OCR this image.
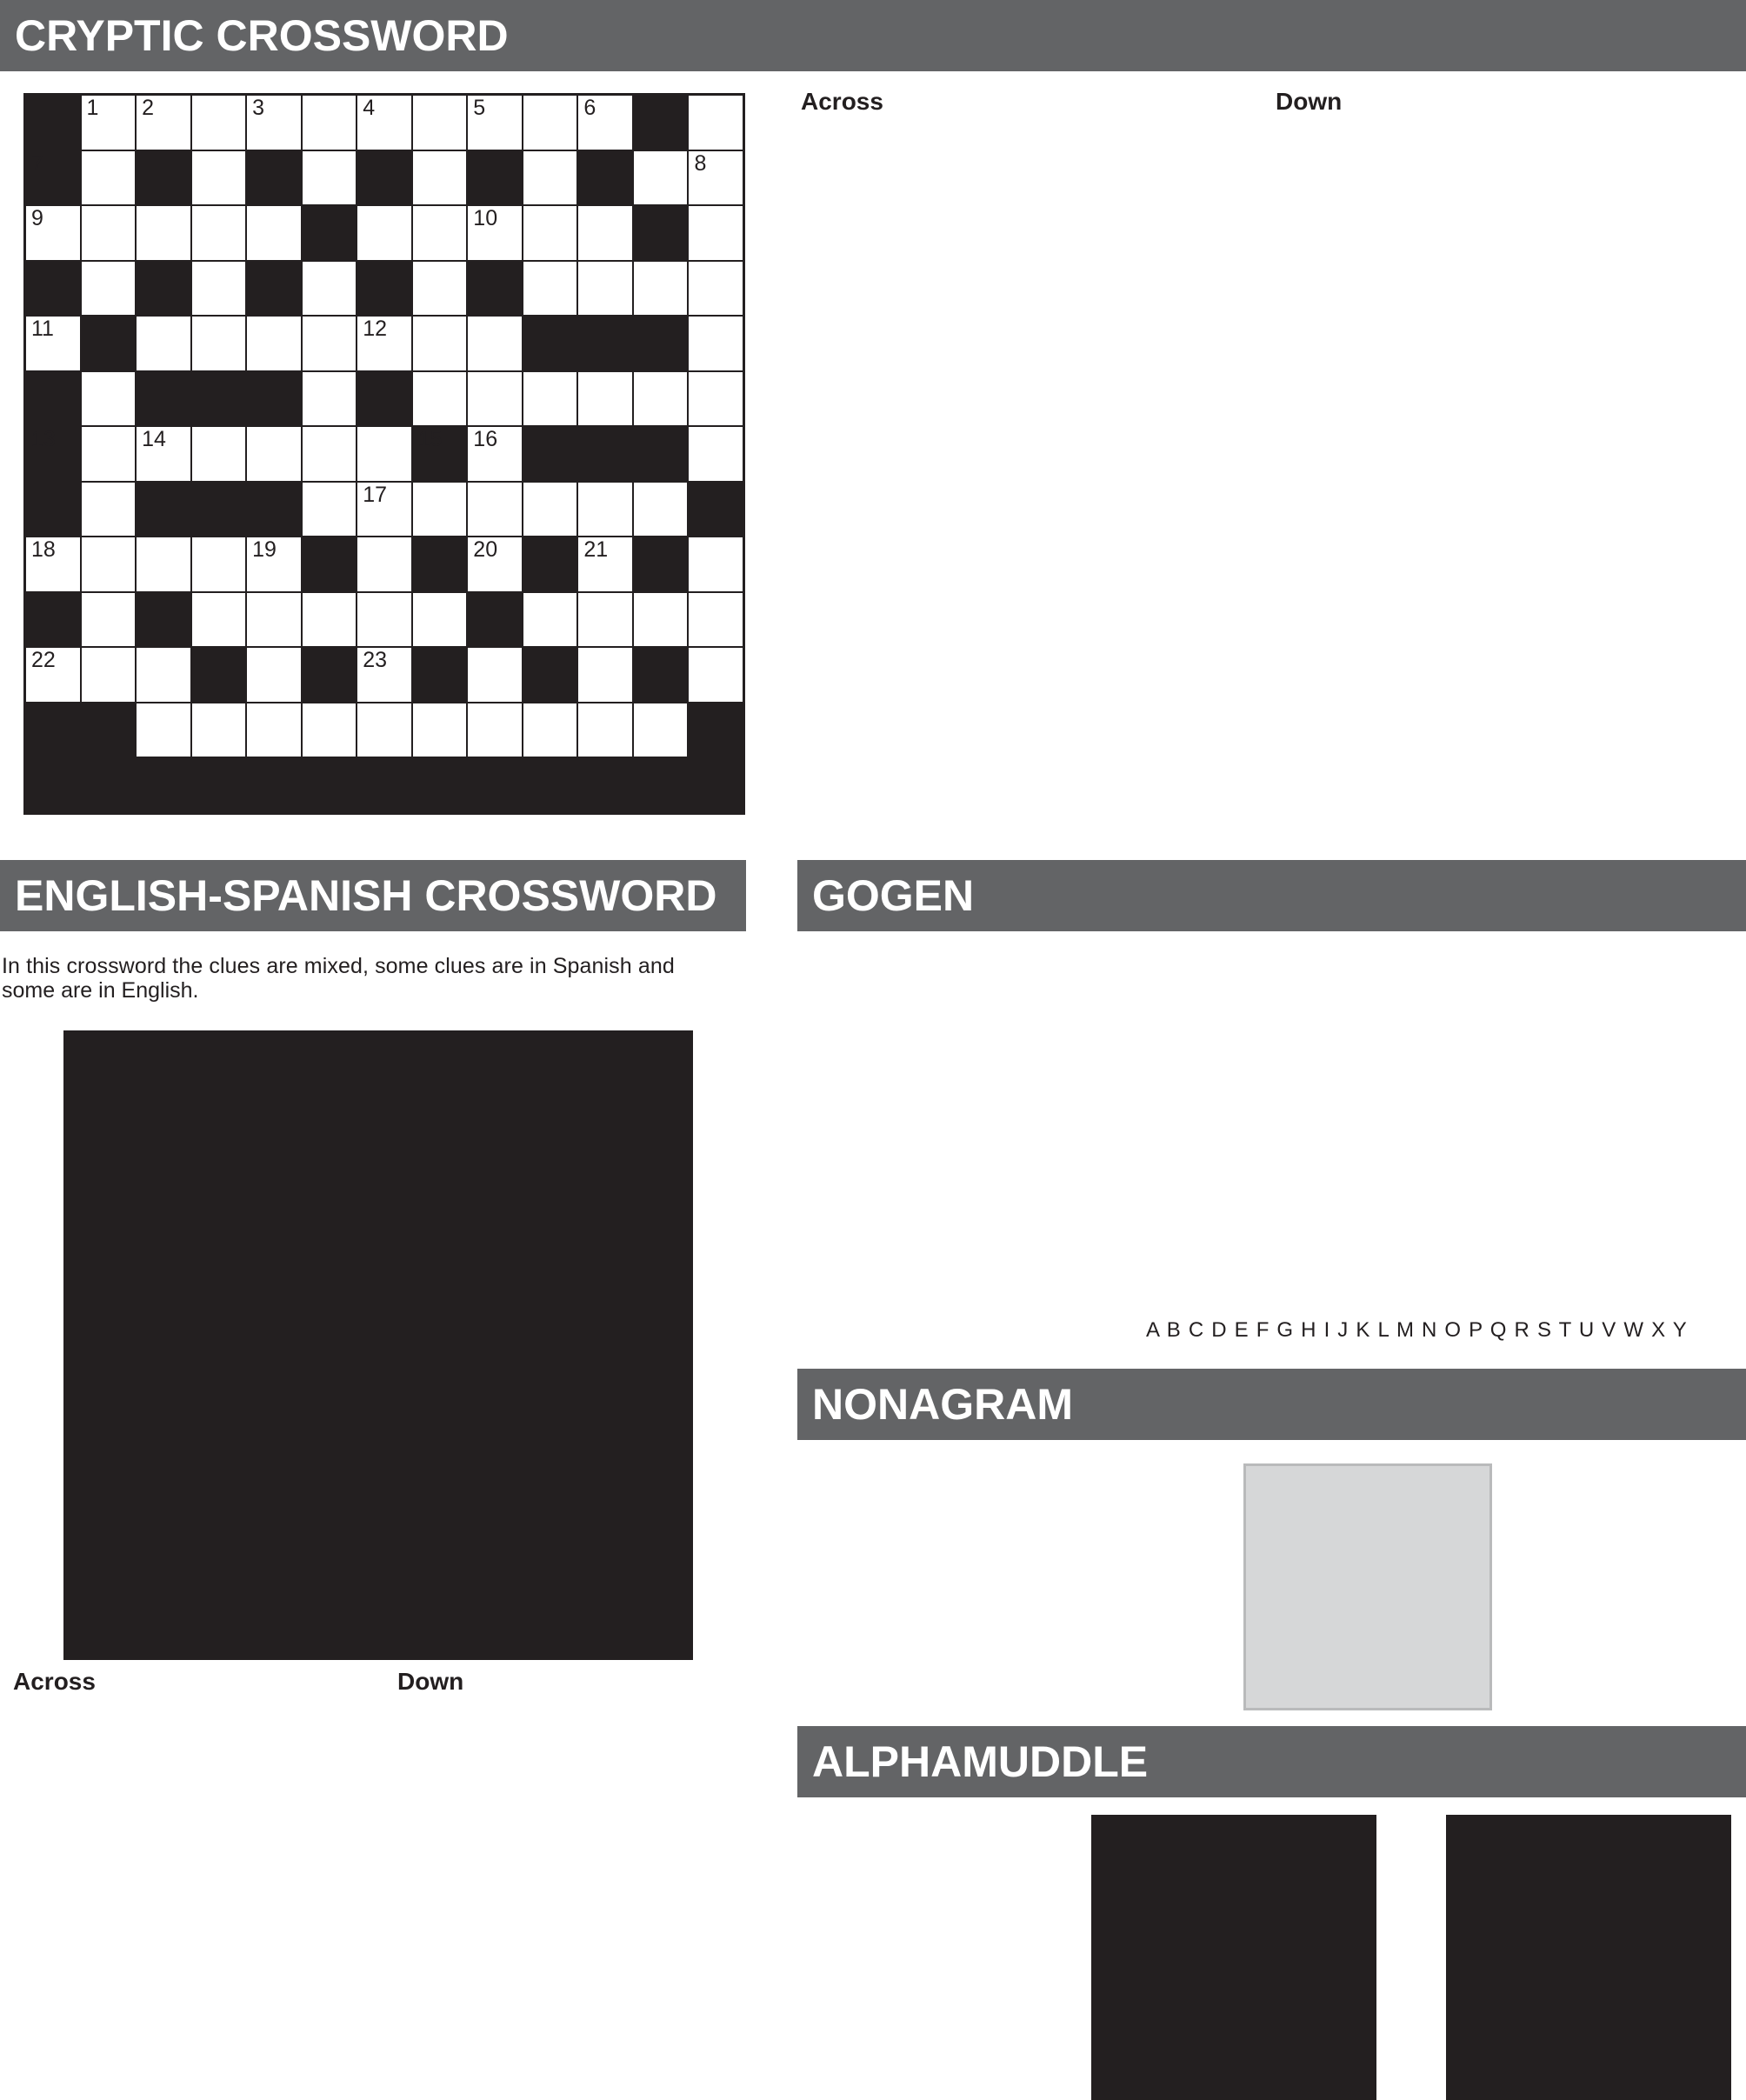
CRYPTIC CROSSWORD
1 2	3	4	5	6
7	8
9	10
11	12
13	14	15 16
17
18	19	20	21
22	23
Across	Down
ENGLISH-SPANISH CROSSWORD
In this crossword the clues are mixed, some clues are in Spanish and
some are in English.
Across	Down
GOGEN
A B C D E F G H I J K L M N O P Q R S T U V W X Y
NONAGRAM
ALPHAMUDDLE
